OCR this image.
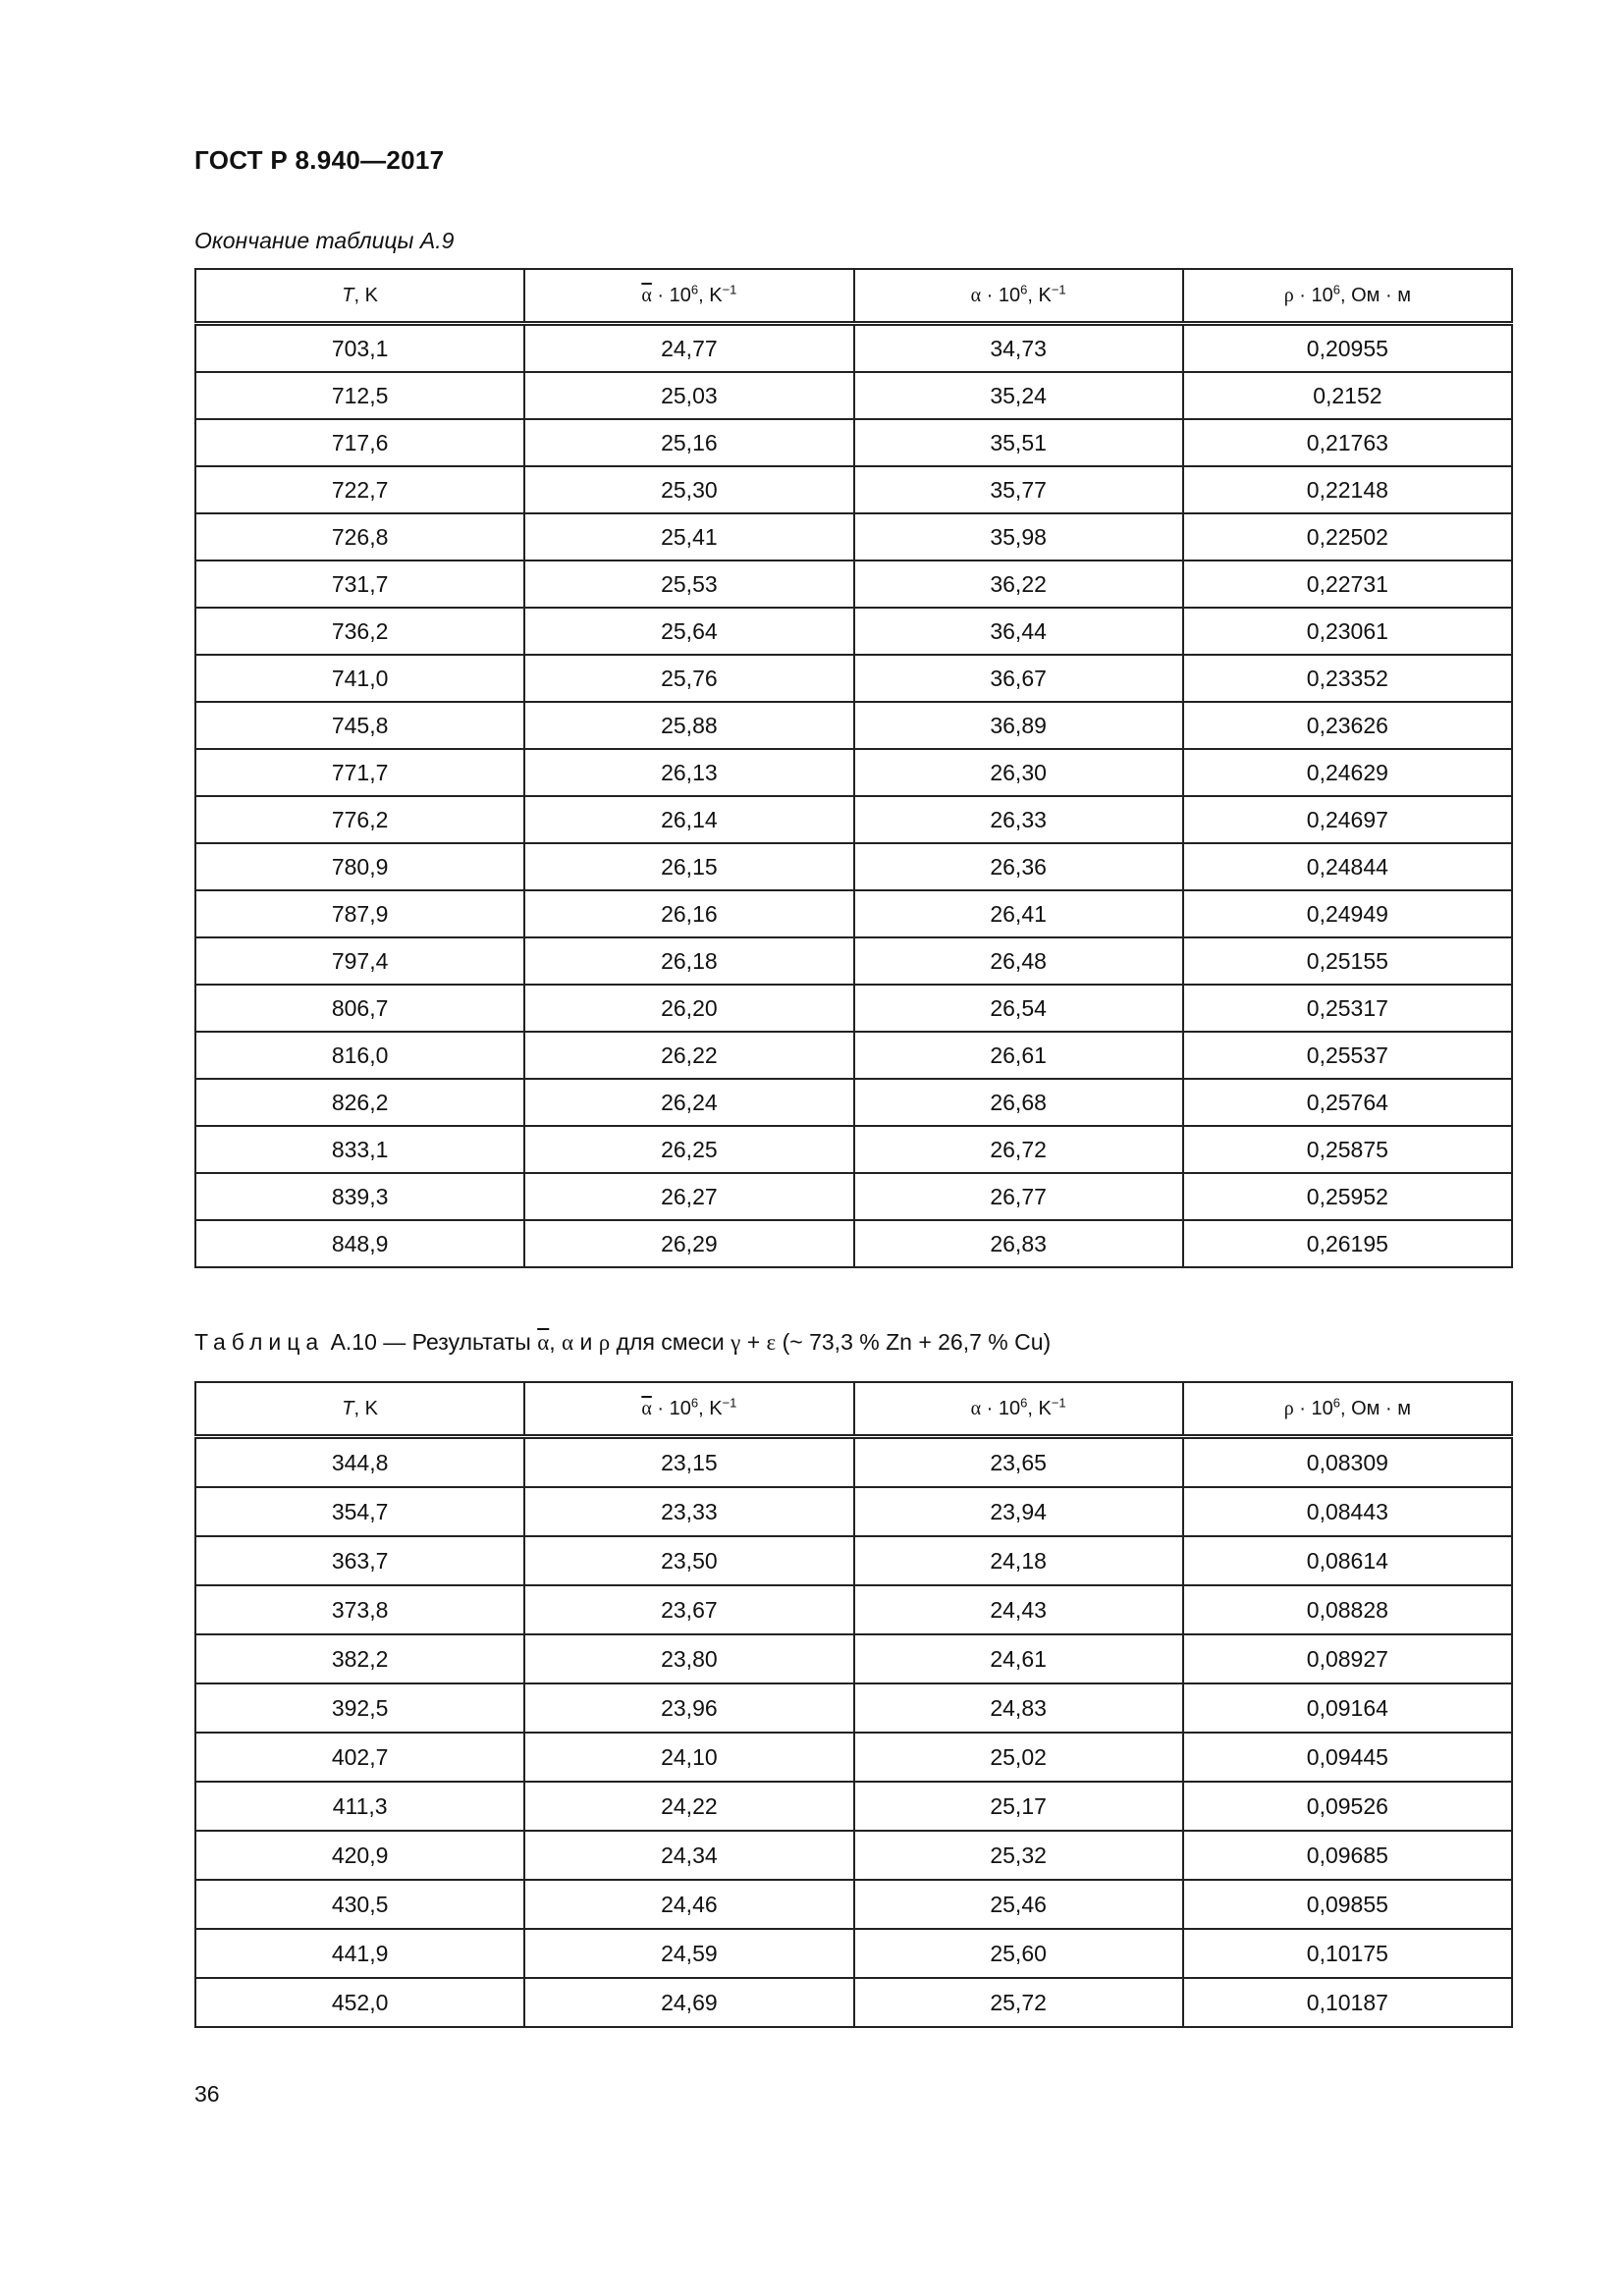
ГОСТ Р 8.940—2017
Окончание таблицы А.9
T, K	$\overline{\alpha} \cdot 10^6$, $K^{-1}$	$\alpha \cdot 10^6$, $K^{-1}$	$\rho \cdot 10^6$, Ом · м
703,1	24,77	34,73	0,20955
712,5	25,03	35,24	0,2152
717,6	25,16	35,51	0,21763
722,7	25,30	35,77	0,22148
726,8	25,41	35,98	0,22502
731,7	25,53	36,22	0,22731
736,2	25,64	36,44	0,23061
741,0	25,76	36,67	0,23352
745,8	25,88	36,89	0,23626
771,7	26,13	26,30	0,24629
776,2	26,14	26,33	0,24697
780,9	26,15	26,36	0,24844
787,9	26,16	26,41	0,24949
797,4	26,18	26,48	0,25155
806,7	26,20	26,54	0,25317
816,0	26,22	26,61	0,25537
826,2	26,24	26,68	0,25764
833,1	26,25	26,72	0,25875
839,3	26,27	26,77	0,25952
848,9	26,29	26,83	0,26195
Таблица А.10 — Результаты $\overline{\alpha}$, α и ρ для смеси γ + ε (~ 73,3 % Zn + 26,7 % Cu)
T, K	$\overline{\alpha} \cdot 10^6$, $K^{-1}$	$\alpha \cdot 10^6$, $K^{-1}$	$\rho \cdot 10^6$, Ом · м
344,8	23,15	23,65	0,08309
354,7	23,33	23,94	0,08443
363,7	23,50	24,18	0,08614
373,8	23,67	24,43	0,08828
382,2	23,80	24,61	0,08927
392,5	23,96	24,83	0,09164
402,7	24,10	25,02	0,09445
411,3	24,22	25,17	0,09526
420,9	24,34	25,32	0,09685
430,5	24,46	25,46	0,09855
441,9	24,59	25,60	0,10175
452,0	24,69	25,72	0,10187
36
